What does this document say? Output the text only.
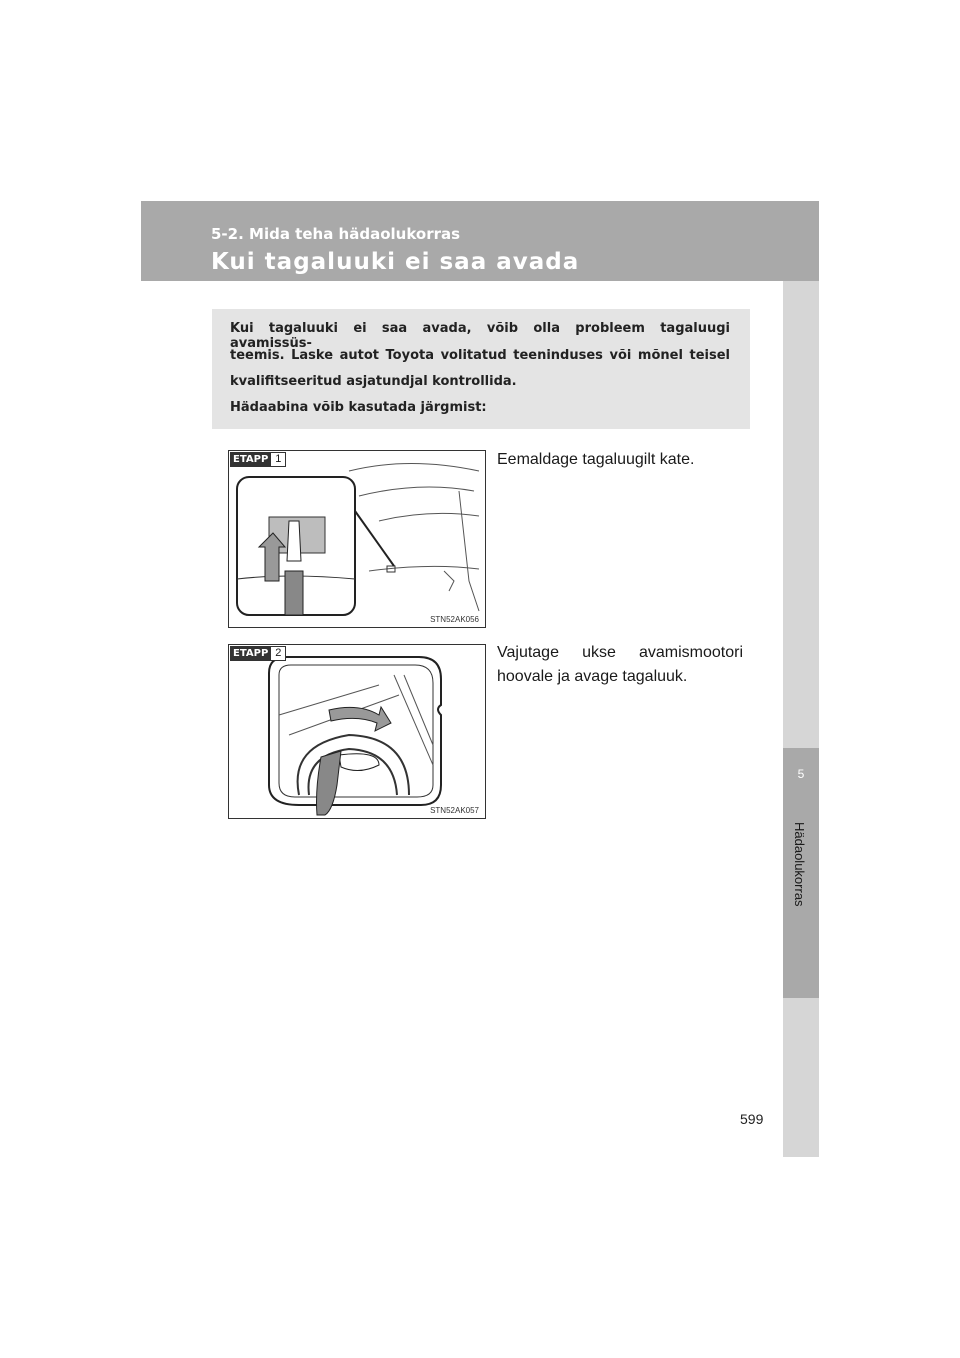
5-2. Mida teha hädaolukorras
Kui tagaluuki ei saa avada
5
Hädaolukorras
Kui tagaluuki ei saa avada, võib olla probleem tagaluugi avamissüs-
teemis. Laske autot Toyota volitatud teeninduses või mõnel teisel
kvalifitseeritud asjatundjal kontrollida.
Hädaabina võib kasutada järgmist:
ETAPP 1
STN52AK056
Eemaldage tagaluugilt kate.
ETAPP 2
STN52AK057
Vajutage ukse avamismootori
hoovale ja avage tagaluuk.
599
